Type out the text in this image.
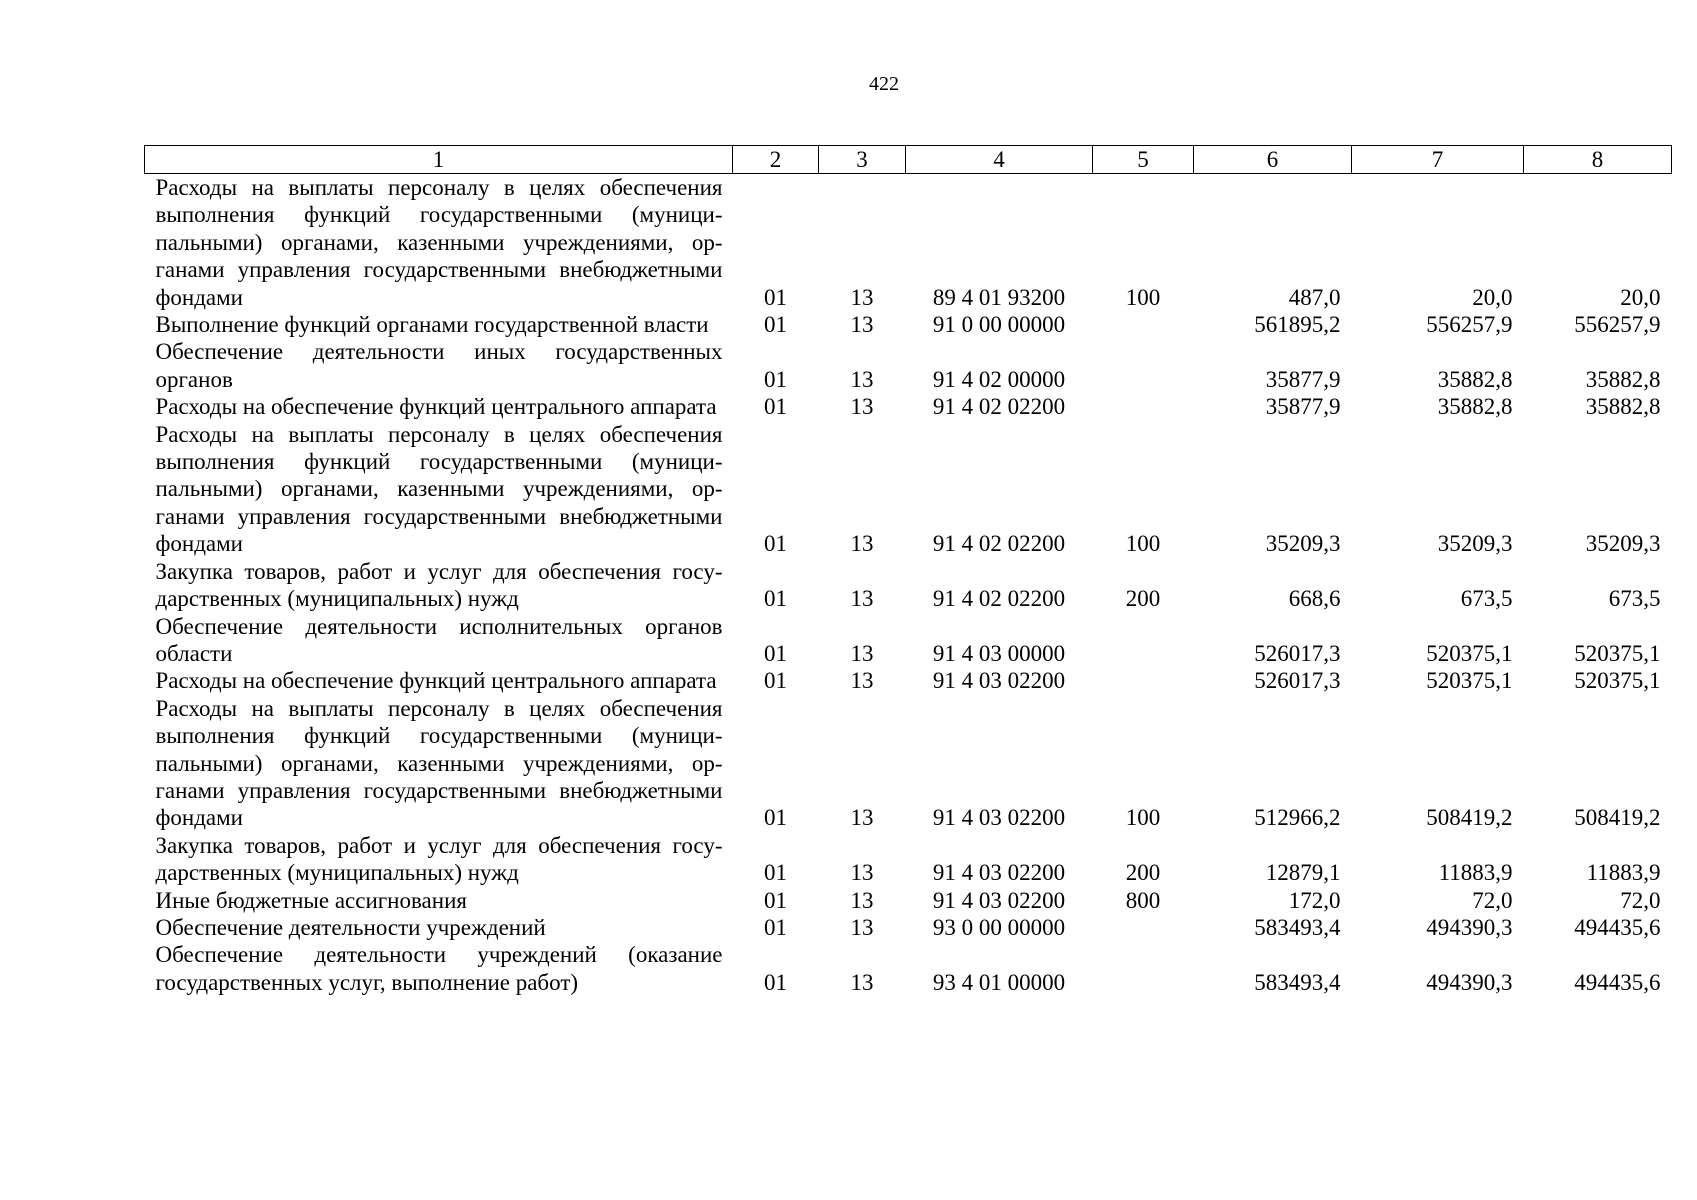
422
1	2	3	4	5	6	7	8
Расходы на выплаты персоналу в целях обеспечения выполнения функций государственными (муниципальными) органами, казенными учреждениями, органами управления государственными внебюджетными фондами	01	13	89 4 01 93200	100	487,0	20,0	20,0
Выполнение функций органами государственной власти	01	13	91 0 00 00000		561895,2	556257,9	556257,9
Обеспечение деятельности иных государственных органов	01	13	91 4 02 00000		35877,9	35882,8	35882,8
Расходы на обеспечение функций центрального аппарата	01	13	91 4 02 02200		35877,9	35882,8	35882,8
Расходы на выплаты персоналу в целях обеспечения выполнения функций государственными (муниципальными) органами, казенными учреждениями, органами управления государственными внебюджетными фондами	01	13	91 4 02 02200	100	35209,3	35209,3	35209,3
Закупка товаров, работ и услуг для обеспечения государственных (муниципальных) нужд	01	13	91 4 02 02200	200	668,6	673,5	673,5
Обеспечение деятельности исполнительных органов области	01	13	91 4 03 00000		526017,3	520375,1	520375,1
Расходы на обеспечение функций центрального аппарата	01	13	91 4 03 02200		526017,3	520375,1	520375,1
Расходы на выплаты персоналу в целях обеспечения выполнения функций государственными (муниципальными) органами, казенными учреждениями, органами управления государственными внебюджетными фондами	01	13	91 4 03 02200	100	512966,2	508419,2	508419,2
Закупка товаров, работ и услуг для обеспечения государственных (муниципальных) нужд	01	13	91 4 03 02200	200	12879,1	11883,9	11883,9
Иные бюджетные ассигнования	01	13	91 4 03 02200	800	172,0	72,0	72,0
Обеспечение деятельности учреждений	01	13	93 0 00 00000		583493,4	494390,3	494435,6
Обеспечение деятельности учреждений (оказание государственных услуг, выполнение работ)	01	13	93 4 01 00000		583493,4	494390,3	494435,6
